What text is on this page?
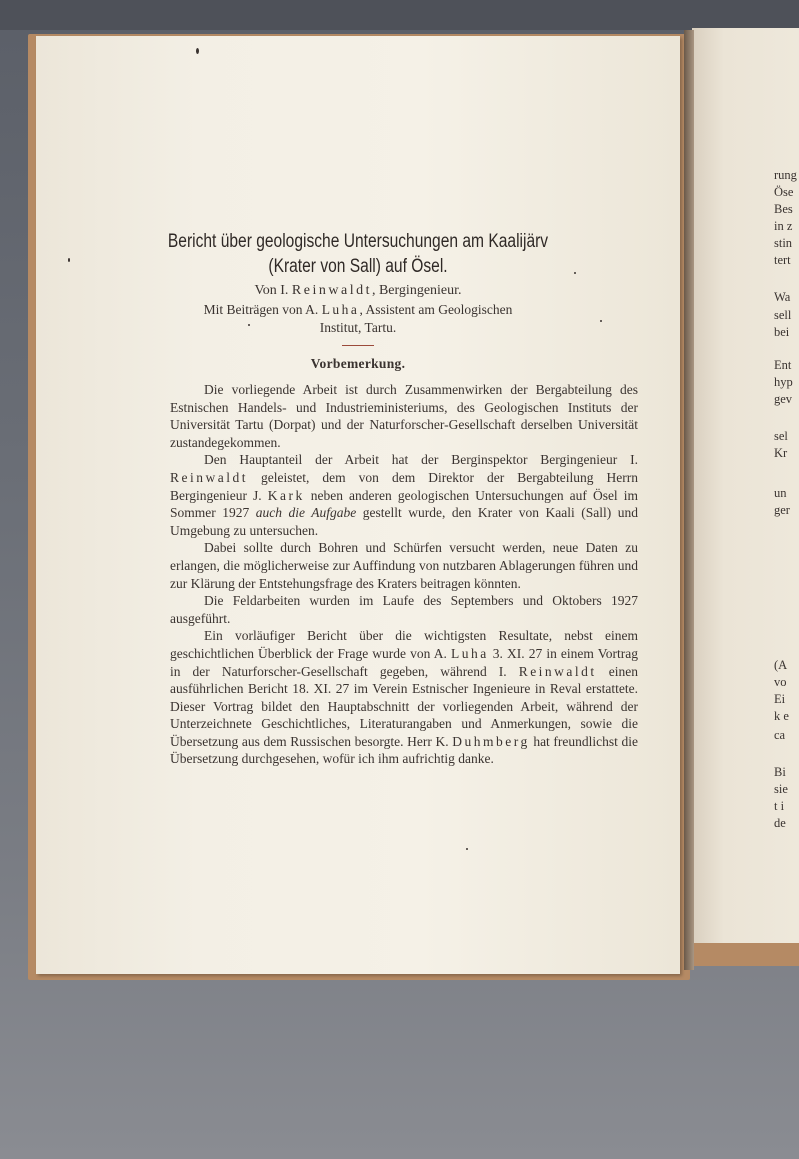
rung
Öse
Bes
in z
stin
tert
Wa
sell
bei
Ent
hyp
gev
sel
Kr
un
ger
(A
vo
Ei
k e
ca
Bi
sie
t i
de
Bericht über geologische Untersuchungen am Kaalijärv
(Krater von Sall) auf Ösel.
Von I. Reinwaldt, Bergingenieur.
Mit Beiträgen von A. Luha, Assistent am Geologischen
Institut, Tartu.
Vorbemerkung.

Die vorliegende Arbeit ist durch Zusammenwirken der Bergabteilung des Estnischen Handels- und Industrieministeriums, des Geologischen Instituts der Universität Tartu (Dorpat) und der Naturforscher-Gesellschaft derselben Universität zustandegekommen.

Den Hauptanteil der Arbeit hat der Berginspektor Bergingenieur I. Reinwaldt geleistet, dem von dem Direktor der Bergabteilung Herrn Bergingenieur J. Kark neben anderen geologischen Untersuchungen auf Ösel im Sommer 1927 auch die Aufgabe gestellt wurde, den Krater von Kaali (Sall) und Umgebung zu untersuchen.

Dabei sollte durch Bohren und Schürfen versucht werden, neue Daten zu erlangen, die möglicherweise zur Auffindung von nutzbaren Ablagerungen führen und zur Klärung der Entstehungsfrage des Kraters beitragen könnten.

Die Feldarbeiten wurden im Laufe des Septembers und Oktobers 1927 ausgeführt.

Ein vorläufiger Bericht über die wichtigsten Resultate, nebst einem geschichtlichen Überblick der Frage wurde von A. Luha 3. XI. 27 in einem Vortrag in der Naturforscher-Gesellschaft gegeben, während I. Reinwaldt einen ausführlichen Bericht 18. XI. 27 im Verein Estnischer Ingenieure in Reval erstattete. Dieser Vortrag bildet den Hauptabschnitt der vorliegenden Arbeit, während der Unterzeichnete Geschichtliches, Literaturangaben und Anmerkungen, sowie die Übersetzung aus dem Russischen besorgte. Herr K. Duhmberg hat freundlichst die Übersetzung durchgesehen, wofür ich ihm aufrichtig danke.
